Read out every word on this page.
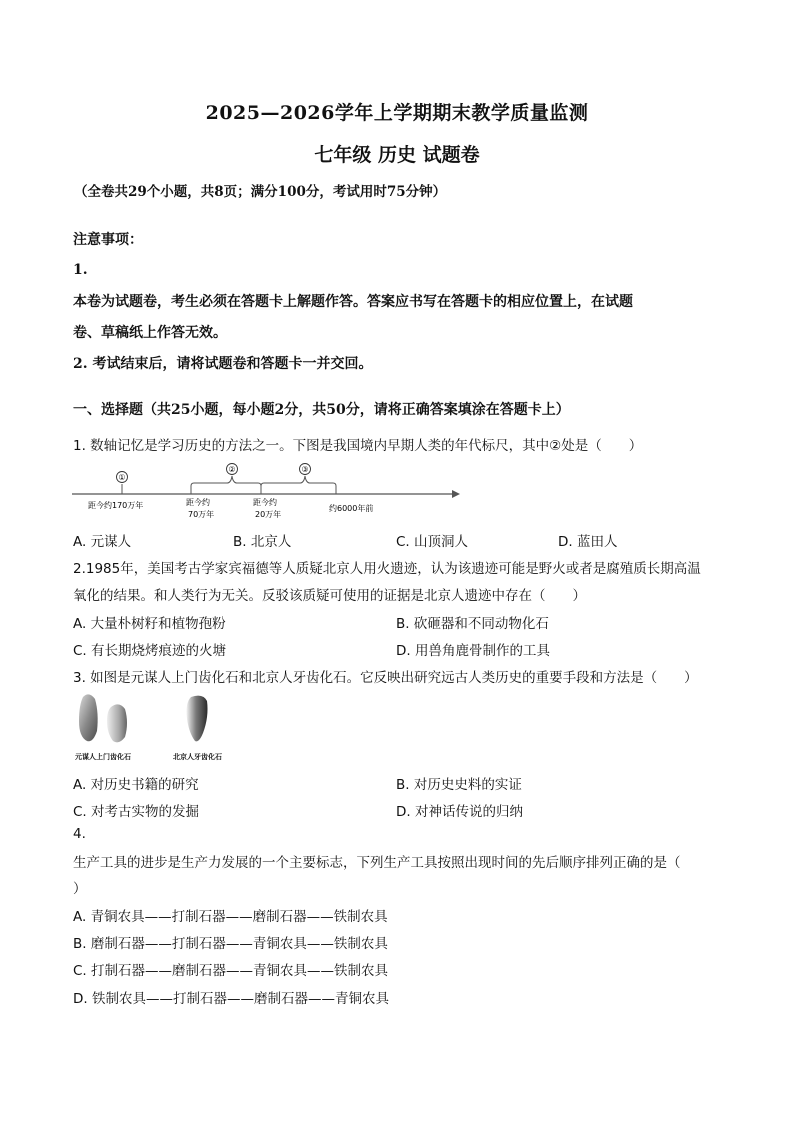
2025—2026学年上学期期末教学质量监测
七年级 历史 试题卷
（全卷共29个小题，共8页；满分100分，考试用时75分钟）
注意事项：
1.
本卷为试题卷，考生必须在答题卡上解题作答。答案应书写在答题卡的相应位置上，在试题
卷、草稿纸上作答无效。
2. 考试结束后，请将试题卷和答题卡一并交回。
一、选择题（共25小题，每小题2分，共50分，请将正确答案填涂在答题卡上）
1. 数轴记忆是学习历史的方法之一。下图是我国境内早期人类的年代标尺，其中②处是（　　）
①
②	③
距今约170万年	距今约
70万年
距今约
20万年
约6000年前
A. 元谋人	B. 北京人	C. 山顶洞人	D. 蓝田人
2.1985年，美国考古学家宾福德等人质疑北京人用火遗迹，认为该遗迹可能是野火或者是腐殖质长期高温
氧化的结果。和人类行为无关。反驳该质疑可使用的证据是北京人遗迹中存在（　　）
A. 大量朴树籽和植物孢粉	B. 砍砸器和不同动物化石
C. 有长期烧烤痕迹的火塘	D. 用兽角鹿骨制作的工具
3. 如图是元谋人上门齿化石和北京人牙齿化石。它反映出研究远古人类历史的重要手段和方法是（　　）
元谋人上门齿化石	北京人牙齿化石
A. 对历史书籍的研究	B. 对历史史料的实证
C. 对考古实物的发掘	D. 对神话传说的归纳
4.
生产工具的进步是生产力发展的一个主要标志，下列生产工具按照出现时间的先后顺序排列正确的是（
）
A. 青铜农具——打制石器——磨制石器——铁制农具
B. 磨制石器——打制石器——青铜农具——铁制农具
C. 打制石器——磨制石器——青铜农具——铁制农具
D. 铁制农具——打制石器——磨制石器——青铜农具
